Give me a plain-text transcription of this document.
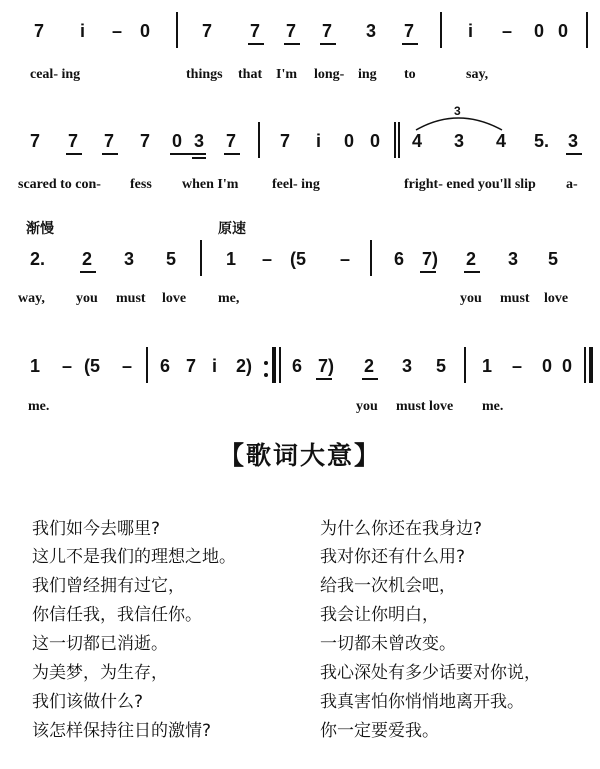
7 i – 0	7 7 7 7 3 7	i – 0 0
ceal- ing	things that I'm long- ing to	say,
7 7 7 7 0 3 7 7 i 0 0
3
4 3 4 5. 3
scared to con- fess when I'm feel- ing	fright- ened you'll slip a-
渐慢	原速
2. 2 3 5	1 – (5 – 6 7) 2 3 5
way, you must love me,	you must love
1 – (5 – 6 7 i 2) 6 7) 2 3 5 1 – 0 0
me.	you must love me.
【歌词大意】
我们如今去哪里?
这儿不是我们的理想之地。
我们曾经拥有过它，
你信任我，我信任你。
这一切都已消逝。
为美梦，为生存，
我们该做什么?
该怎样保持往日的激情?
为什么你还在我身边?
我对你还有什么用?
给我一次机会吧，
我会让你明白，
一切都未曾改变。
我心深处有多少话要对你说，
我真害怕你悄悄地离开我。
你一定要爱我。
